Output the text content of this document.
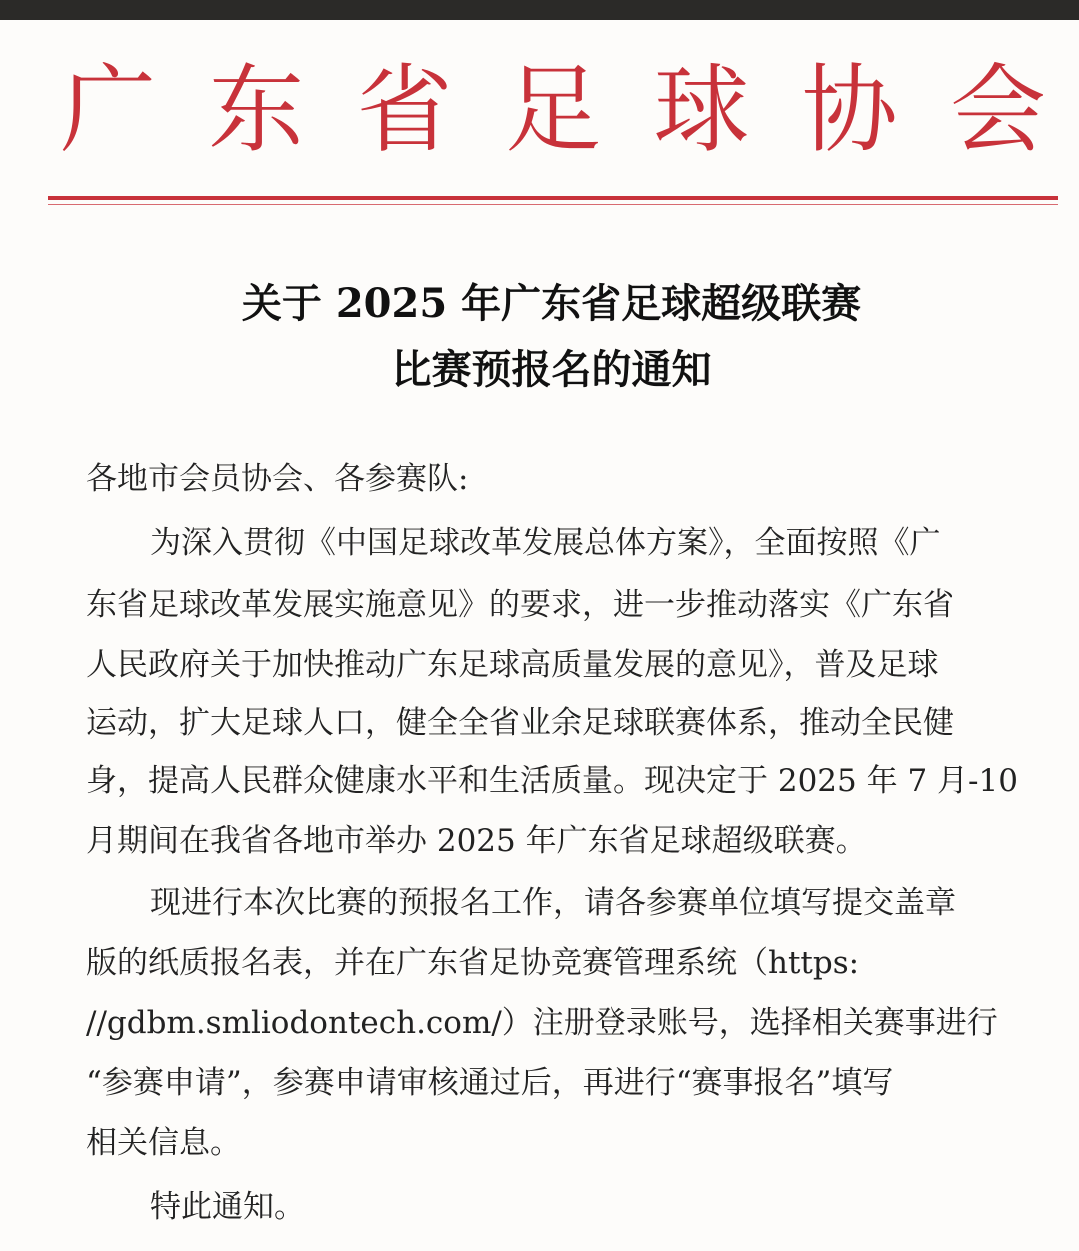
广 东 省 足 球 协 会
关于 2025 年广东省足球超级联赛
比赛预报名的通知
各地市会员协会、各参赛队:
为深入贯彻《中国足球改革发展总体方案》，全面按照《广
东省足球改革发展实施意见》的要求，进一步推动落实《广东省
人民政府关于加快推动广东足球高质量发展的意见》，普及足球
运动，扩大足球人口，健全全省业余足球联赛体系，推动全民健
身，提高人民群众健康水平和生活质量。现决定于 2025 年 7 月-10
月期间在我省各地市举办 2025 年广东省足球超级联赛。
现进行本次比赛的预报名工作，请各参赛单位填写提交盖章
版的纸质报名表，并在广东省足协竞赛管理系统（https:
//gdbm.smliodontech.com/）注册登录账号，选择相关赛事进行
“参赛申请”，参赛申请审核通过后，再进行“赛事报名”填写
相关信息。
特此通知。
